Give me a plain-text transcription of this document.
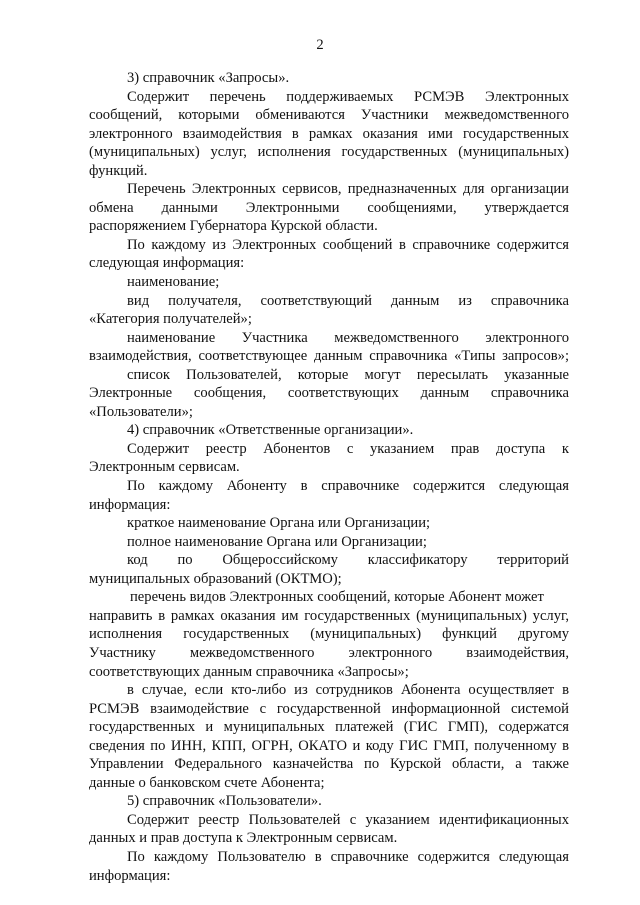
2
3) справочник «Запросы».
Содержит перечень поддерживаемых РСМЭВ Электронных
сообщений, которыми обмениваются Участники межведомственного
электронного взаимодействия в рамках оказания ими государственных
(муниципальных) услуг, исполнения государственных (муниципальных)
функций.
Перечень Электронных сервисов, предназначенных для организации
обмена данными Электронными сообщениями, утверждается
распоряжением Губернатора Курской области.
По каждому из Электронных сообщений в справочнике содержится
следующая информация:
наименование;
вид получателя, соответствующий данным из справочника
«Категория получателей»;
наименование Участника межведомственного электронного
взаимодействия, соответствующее данным справочника «Типы запросов»;
список Пользователей, которые могут пересылать указанные
Электронные сообщения, соответствующих данным справочника
«Пользователи»;
4) справочник «Ответственные организации».
Содержит реестр Абонентов с указанием прав доступа к
Электронным сервисам.
По каждому Абоненту в справочнике содержится следующая
информация:
краткое наименование Органа или Организации;
полное наименование Органа или Организации;
код по Общероссийскому классификатору территорий
муниципальных образований (ОКТМО);
перечень видов Электронных сообщений, которые Абонент может
направить в рамках оказания им государственных (муниципальных) услуг,
исполнения государственных (муниципальных) функций другому
Участнику межведомственного электронного взаимодействия,
соответствующих данным справочника «Запросы»;
в случае, если кто-либо из сотрудников Абонента осуществляет в
РСМЭВ взаимодействие с государственной информационной системой
государственных и муниципальных платежей (ГИС ГМП), содержатся
сведения по ИНН, КПП, ОГРН, ОКАТО и коду ГИС ГМП, полученному в
Управлении Федерального казначейства по Курской области, а также
данные о банковском счете Абонента;
5) справочник «Пользователи».
Содержит реестр Пользователей с указанием идентификационных
данных и прав доступа к Электронным сервисам.
По каждому Пользователю в справочнике содержится следующая
информация:
